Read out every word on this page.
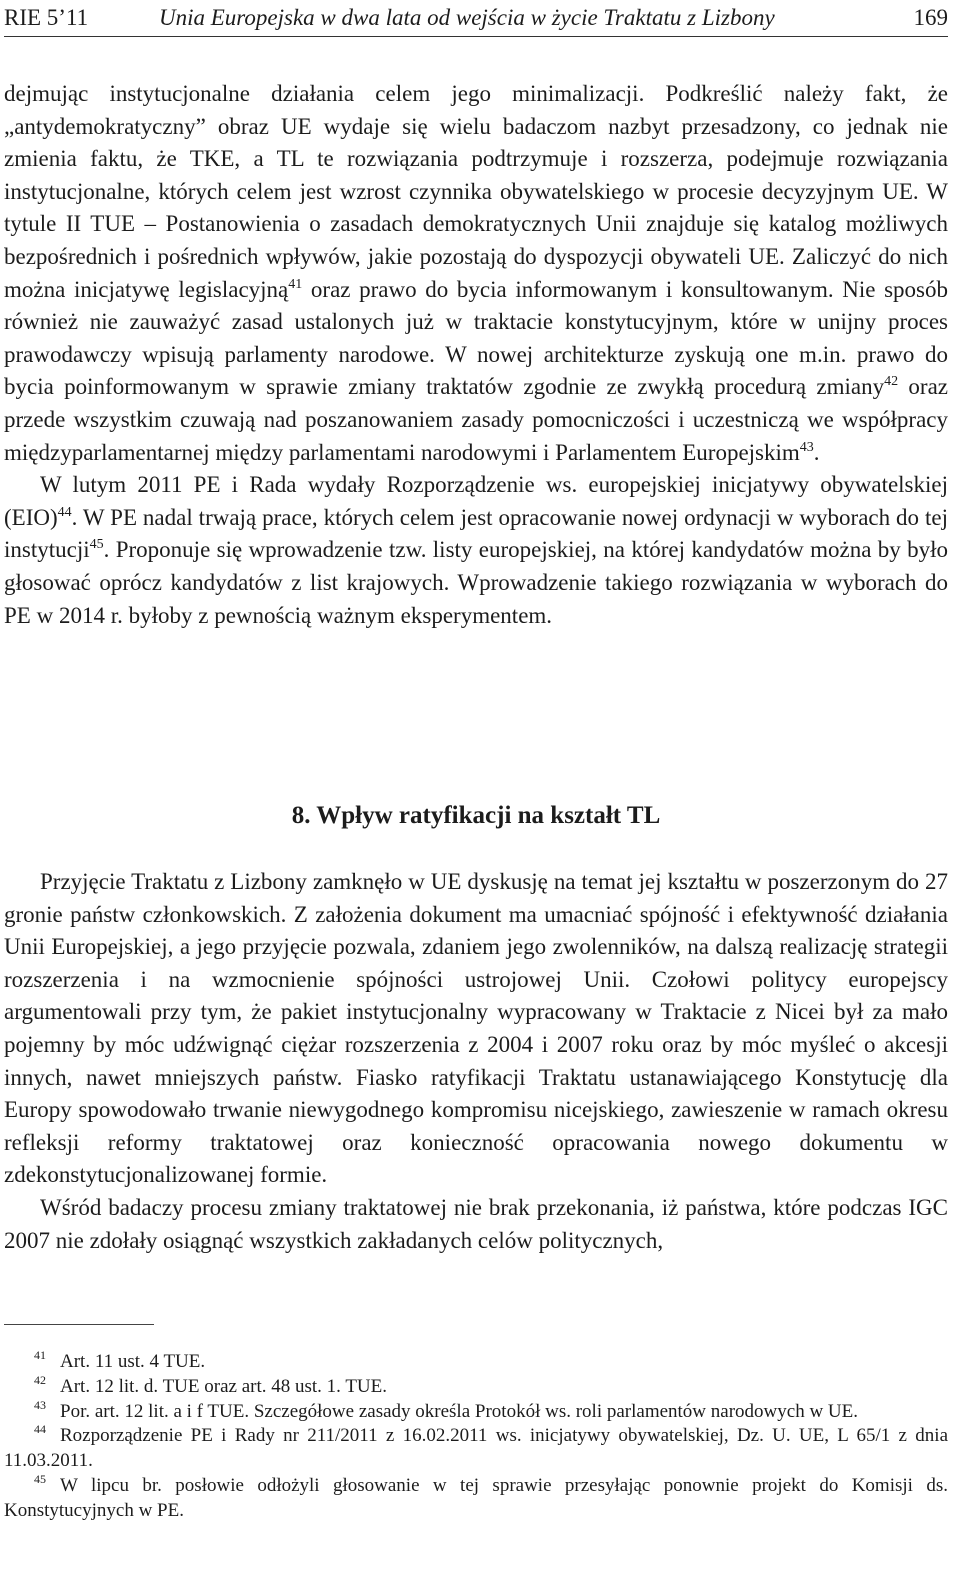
RIE 5’11	Unia Europejska w dwa lata od wejścia w życie Traktatu z Lizbony	169

dejmując instytucjonalne działania celem jego minimalizacji. Podkreślić należy fakt, że „antydemokratyczny” obraz UE wydaje się wielu badaczom nazbyt przesadzony, co jednak nie zmienia faktu, że TKE, a TL te rozwiązania podtrzymuje i rozszerza, podejmuje rozwiązania instytucjonalne, których celem jest wzrost czynnika obywatelskiego w procesie decyzyjnym UE. W tytule II TUE – Postanowienia o zasadach demokratycznych Unii znajduje się katalog możliwych bezpośrednich i pośrednich wpływów, jakie pozostają do dyspozycji obywateli UE. Zaliczyć do nich można inicjatywę legislacyjną$^{41}$ oraz prawo do bycia informowanym i konsultowanym. Nie sposób również nie zauważyć zasad ustalonych już w traktacie konstytucyjnym, które w unijny proces prawodawczy wpisują parlamenty narodowe. W nowej architekturze zyskują one m.in. prawo do bycia poinformowanym w sprawie zmiany traktatów zgodnie ze zwykłą procedurą zmiany$^{42}$ oraz przede wszystkim czuwają nad poszanowaniem zasady pomocniczości i uczestniczą we współpracy międzyparlamentarnej między parlamentami narodowymi i Parlamentem Europejskim$^{43}$.

W lutym 2011 PE i Rada wydały Rozporządzenie ws. europejskiej inicjatywy obywatelskiej (EIO)$^{44}$. W PE nadal trwają prace, których celem jest opracowanie nowej ordynacji w wyborach do tej instytucji$^{45}$. Proponuje się wprowadzenie tzw. listy europejskiej, na której kandydatów można by było głosować oprócz kandydatów z list krajowych. Wprowadzenie takiego rozwiązania w wyborach do PE w 2014 r. byłoby z pewnością ważnym eksperymentem.

8. Wpływ ratyfikacji na kształt TL

Przyjęcie Traktatu z Lizbony zamknęło w UE dyskusję na temat jej kształtu w poszerzonym do 27 gronie państw członkowskich. Z założenia dokument ma umacniać spójność i efektywność działania Unii Europejskiej, a jego przyjęcie pozwala, zdaniem jego zwolenników, na dalszą realizację strategii rozszerzenia i na wzmocnienie spójności ustrojowej Unii. Czołowi politycy europejscy argumentowali przy tym, że pakiet instytucjonalny wypracowany w Traktacie z Nicei był za mało pojemny by móc udźwignąć ciężar rozszerzenia z 2004 i 2007 roku oraz by móc myśleć o akcesji innych, nawet mniejszych państw. Fiasko ratyfikacji Traktatu ustanawiającego Konstytucję dla Europy spowodowało trwanie niewygodnego kompromisu nicejskiego, zawieszenie w ramach okresu refleksji reformy traktatowej oraz konieczność opracowania nowego dokumentu w zdekonstytucjonalizowanej formie.

Wśród badaczy procesu zmiany traktatowej nie brak przekonania, iż państwa, które podczas IGC 2007 nie zdołały osiągnąć wszystkich zakładanych celów politycznych,

$^{41}$ Art. 11 ust. 4 TUE.

$^{42}$ Art. 12 lit. d. TUE oraz art. 48 ust. 1. TUE.

$^{43}$ Por. art. 12 lit. a i f TUE. Szczegółowe zasady określa Protokół ws. roli parlamentów narodowych w UE.

$^{44}$ Rozporządzenie PE i Rady nr 211/2011 z 16.02.2011 ws. inicjatywy obywatelskiej, Dz. U. UE, L 65/1 z dnia 11.03.2011.

$^{45}$ W lipcu br. posłowie odłożyli głosowanie w tej sprawie przesyłając ponownie projekt do Komisji ds. Konstytucyjnych w PE.
